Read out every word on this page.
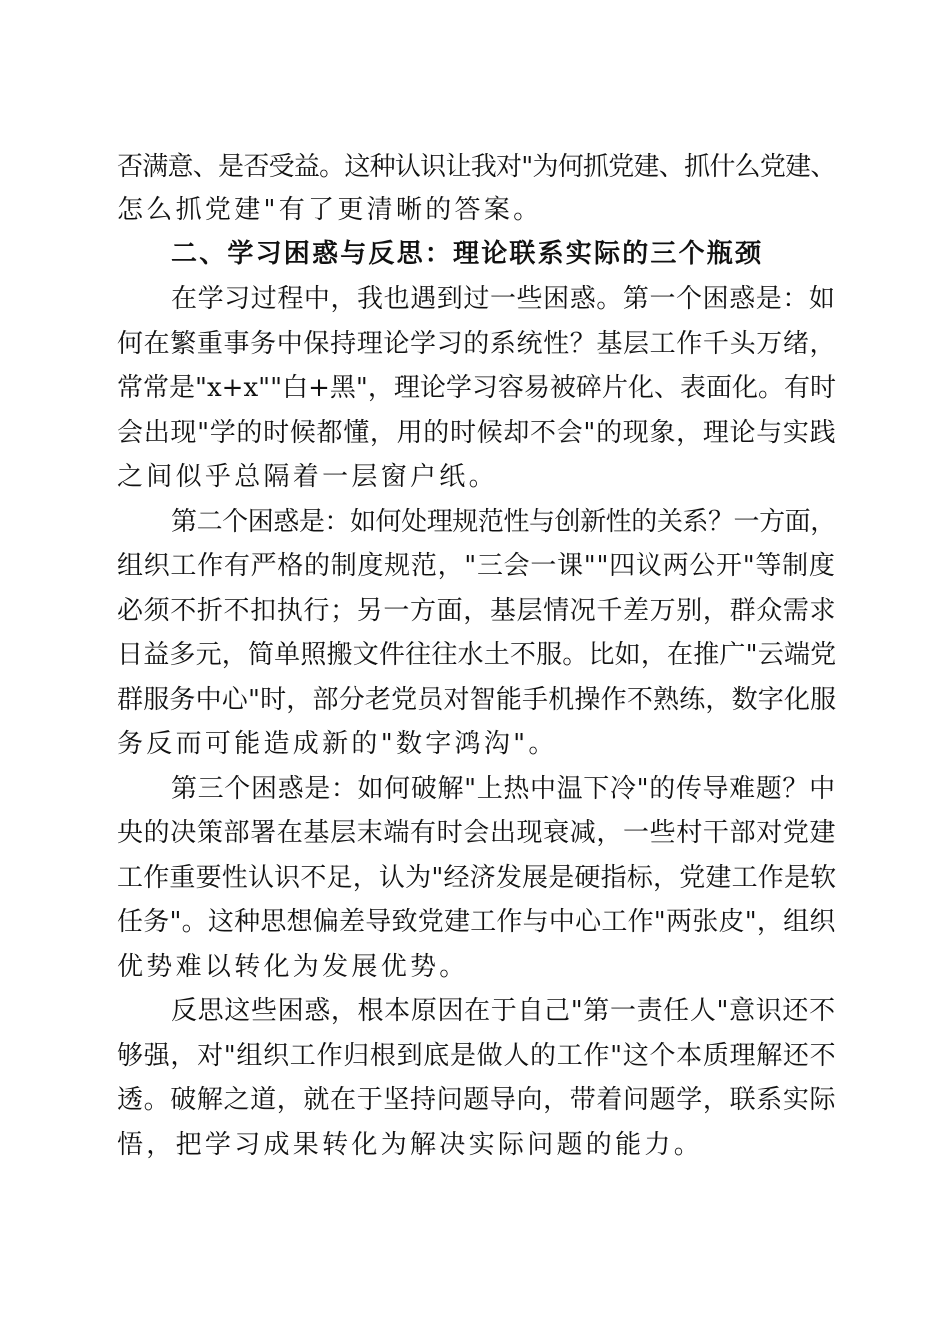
否满意、是否受益。这种认识让我对"为何抓党建、抓什么党建、
怎么抓党建"有了更清晰的答案。
二、学习困惑与反思：理论联系实际的三个瓶颈
在学习过程中，我也遇到过一些困惑。第一个困惑是：如
何在繁重事务中保持理论学习的系统性？基层工作千头万绪，
常常是"x+x""白+黑"，理论学习容易被碎片化、表面化。有时
会出现"学的时候都懂，用的时候却不会"的现象，理论与实践
之间似乎总隔着一层窗户纸。
第二个困惑是：如何处理规范性与创新性的关系？一方面，
组织工作有严格的制度规范，"三会一课""四议两公开"等制度
必须不折不扣执行；另一方面，基层情况千差万别，群众需求
日益多元，简单照搬文件往往水土不服。比如，在推广"云端党
群服务中心"时，部分老党员对智能手机操作不熟练，数字化服
务反而可能造成新的"数字鸿沟"。
第三个困惑是：如何破解"上热中温下冷"的传导难题？中
央的决策部署在基层末端有时会出现衰减，一些村干部对党建
工作重要性认识不足，认为"经济发展是硬指标，党建工作是软
任务"。这种思想偏差导致党建工作与中心工作"两张皮"，组织
优势难以转化为发展优势。
反思这些困惑，根本原因在于自己"第一责任人"意识还不
够强，对"组织工作归根到底是做人的工作"这个本质理解还不
透。破解之道，就在于坚持问题导向，带着问题学，联系实际
悟，把学习成果转化为解决实际问题的能力。
